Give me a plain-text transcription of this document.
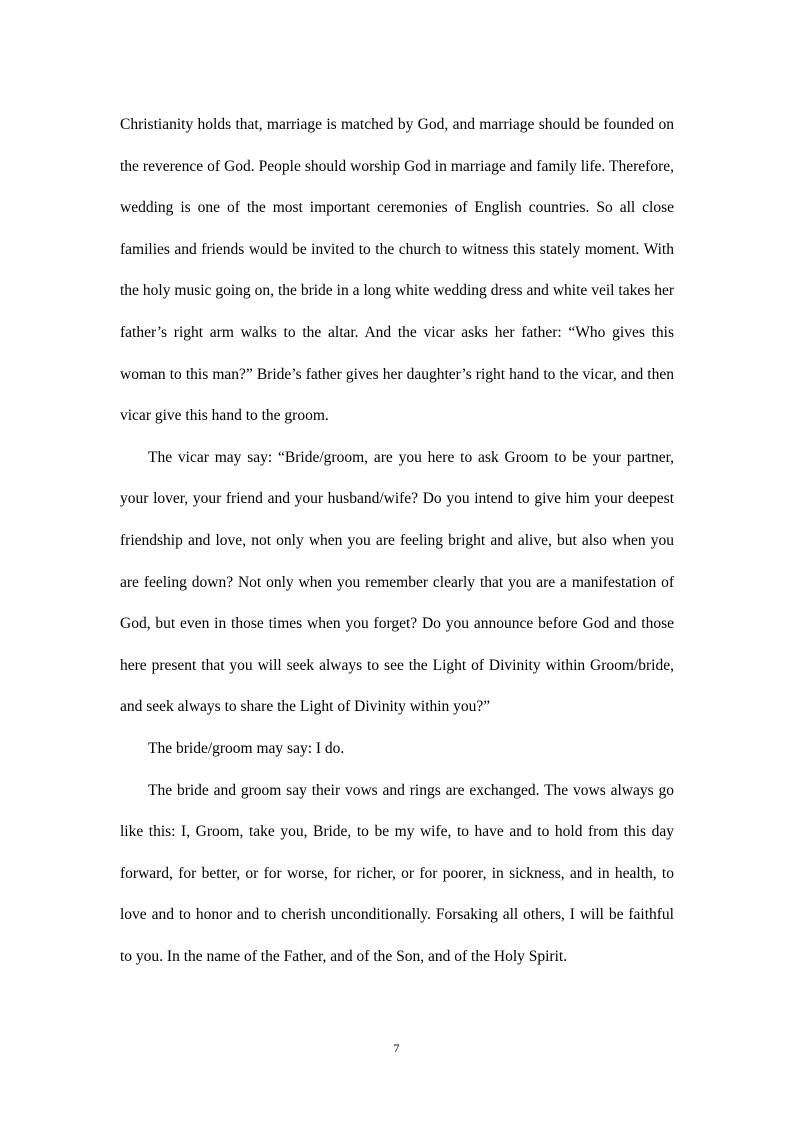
Christianity holds that, marriage is matched by God, and marriage should be founded on the reverence of God. People should worship God in marriage and family life. Therefore, wedding is one of the most important ceremonies of English countries. So all close families and friends would be invited to the church to witness this stately moment. With the holy music going on, the bride in a long white wedding dress and white veil takes her father’s right arm walks to the altar. And the vicar asks her father: “Who gives this woman to this man?” Bride’s father gives her daughter’s right hand to the vicar, and then vicar give this hand to the groom.

The vicar may say: “Bride/groom, are you here to ask Groom to be your partner, your lover, your friend and your husband/wife? Do you intend to give him your deepest friendship and love, not only when you are feeling bright and alive, but also when you are feeling down? Not only when you remember clearly that you are a manifestation of God, but even in those times when you forget? Do you announce before God and those here present that you will seek always to see the Light of Divinity within Groom/bride, and seek always to share the Light of Divinity within you?”

The bride/groom may say: I do.

The bride and groom say their vows and rings are exchanged. The vows always go like this: I, Groom, take you, Bride, to be my wife, to have and to hold from this day forward, for better, or for worse, for richer, or for poorer, in sickness, and in health, to love and to honor and to cherish unconditionally. Forsaking all others, I will be faithful to you. In the name of the Father, and of the Son, and of the Holy Spirit.

7
